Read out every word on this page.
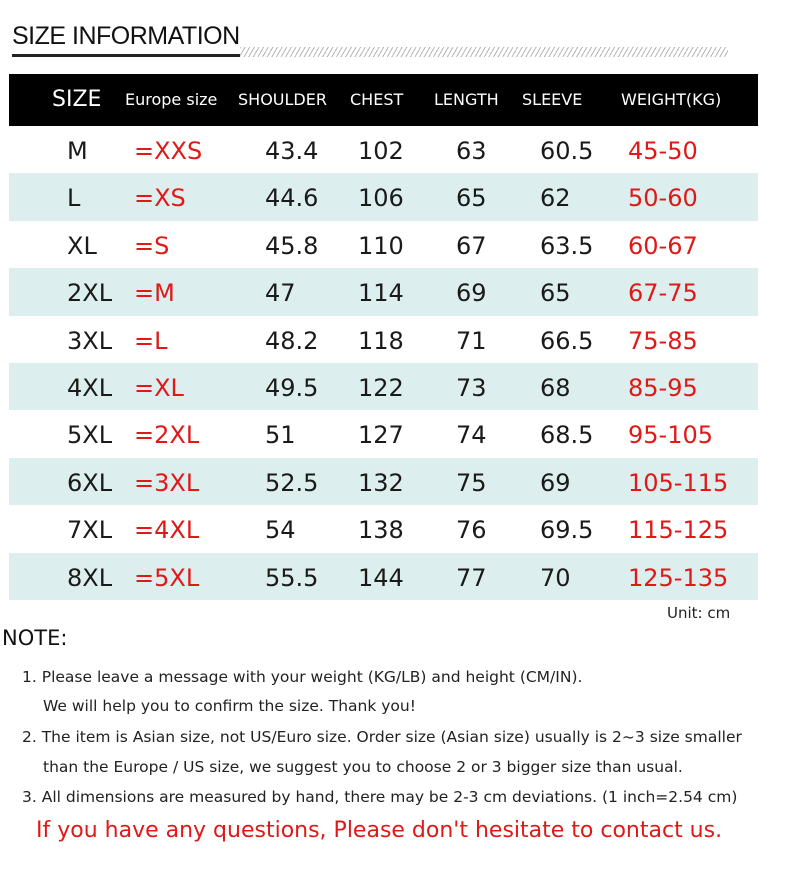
SIZE INFORMATION
SIZE Europe size SHOULDER CHEST LENGTH SLEEVE WEIGHT(KG)
M =XXS	43.4 102 63 60.5 45-50
L =XS	44.6 106 65 62 50-60
XL =S	45.8 110 67 63.5 60-67
2XL =M	47	114 69 65 67-75
3XL =L	48.2 118 71 66.5 75-85
4XL =XL	49.5 122 73 68 85-95
5XL =2XL	51	127 74 68.5 95-105
6XL =3XL	52.5 132 75 69 105-115
7XL =4XL	54	138 76 69.5 115-125
8XL =5XL	55.5 144 77 70 125-135
Unit: cm
NOTE:
1. Please leave a message with your weight (KG/LB) and height (CM/IN).
We will help you to confirm the size. Thank you!
2. The item is Asian size, not US/Euro size. Order size (Asian size) usually is 2~3 size smaller
than the Europe / US size, we suggest you to choose 2 or 3 bigger size than usual.
3. All dimensions are measured by hand, there may be 2-3 cm deviations. (1 inch=2.54 cm)
If you have any questions, Please don't hesitate to contact us.
